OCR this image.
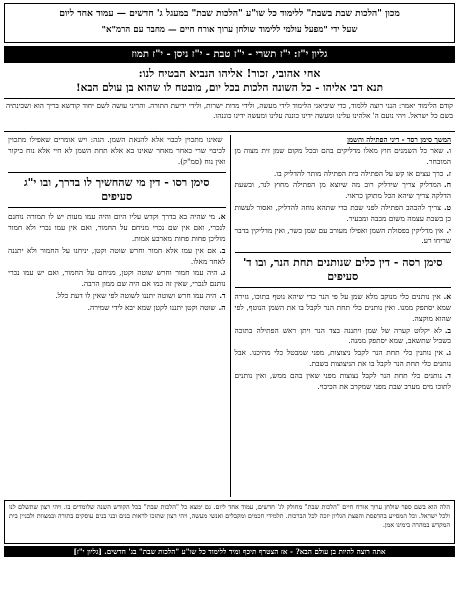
מכון "הלכות שבת בשבת" ללימוד כל שו"ע "הלכות שבת" במעגל ג' חדשים — עמוד אחד ליום
שעל ידי "מפעל עולמי ללימוד שולחן ערוך אורח חיים — מחבר עם הרמ"א"
גליון י"ז: י"ז תשרי - י"ז טבת - י"ז ניסן - י"ז תמוז
אחי אהובי, זכור! אליהו הנביא הבטיח לנו:
תנא דבי אליהו - כל השונה הלכות בכל יום, מובטח לו שהוא בן עולם הבא!
קודם הלימוד יאמר: הנני רוצה ללמוד, כדי שיביאני הלימוד לידי מעשה, ולידי מדות ישרות, ולידי ידיעת התורה. והריני עושה לשם יחוד קודשא בריך הוא ושכינתיה בשם כל ישראל. ויהי נועם ה' אלהינו עלינו ומעשה ידינו כוננה עלינו ומעשה ידינו כוננהו.
המשך סימן רסד - דיני הפתילה והשמן
ו.שאר כל השמנים חוץ מאלו מדליקים בהם ובכל מקום שמן זית מצוה מן המובחר.
ז.כרך עצים או קש על הפתילה בית הפתילה מותר להדליק בו.
ח.המדליק צריך שידליק רוב מה שיוצא מן הפתילה מחוץ לנר, ובשעת הדלקה צריך שיהא הכל מתוקן כראוי.
ט.צריך להבהב הפתילה לפני שבת כדי שתהא נוחה להדליק, ואסור לעשות כן בשבת עצמה משום מכבה ומבעיר.
י.אין מדליקין בפסולת השמן ואפילו מעורב עם שמן כשר, ואין מדליקין בדבר שריחו רע.
סימן רסה - דין כלים שנותנים תחת הנר, ובו ד' סעיפים
א.אין נותנים כלי מנוקב מלא שמן על פי הנר כדי שיהא נוטף בתוכו, גזירה שמא יסתפק ממנו. ואין נותנים כלי תחת הנר לקבל בו את השמן הנוטף, לפי שהוא מוקצה.
ב.לא יקלוט קערה של שמן ויתננה בצד הנר ויתן ראש הפתילה בתוכה בשביל שתשאב, שמא יסתפק ממנה.
ג.אין נותנין כלי תחת הנר לקבל ניצוצות, מפני שמבטל כלי מהיכנו. אבל נותנים כלי תחת הנר לקבל בו את הניצוצות בשבת.
ד.נותנים כלי תחת הנר לקבל נצוצות מפני שאין בהם ממש, ואין נותנים לתוכו מים מערב שבת מפני שמקרב את הכיבוי.
שאינו מתכוין לכבוי אלא להנאת השמן. הגה: ויש אומרים שאפילו מתכוין לכיבוי שרי כאחר מאחר שאינו בא אלא תחת השמן לא חיי אלא נוח ביקור ואין נוח (סמ"ק).
סימן רסו - דין מי שהחשיך לו בדרך, ובו י"ג סעיפים
א.מי שהיה בא בדרך וקדש עליו היום והיה עמו מעות יש לו תמורה נוחנם לנכרי, ואם אין שם נכרי מניחם על החמור, ואם אין עמו נכרי ולא חמור מוליכן פחות פחות מארבע אמות.
ב.אם אין עמו אלא חמור וחרש שוטה וקטן, יניחנו על החמור ולא יתננה לאחד מאלו.
ג.היה עמו חמור וחרש שוטה וקטן, מניחם על החמור, ואם יש עמו נכרי נותנם לנכרי, שאין זה כמו אם היה שם ממון הרבה.
ד.היה עמו חרש ושוטה יתננו לשוטה לפי שאין לו דעת כלל.
ה.שוטה וקטן יתננו לקטן שמא יבא לידי שמירה.
הלה הוא בשם ספר שולחן ערוך אורח חיים "הלכות שבת" מחולק לג' חדשים, עמוד אחד ליום. גם ימצא כל "הלכות שבת" בכל הקודש השנה שלומדים בו. ויהי רצון שתשלם לנו ולכל ישראל. וכל המסייע בהדפסת והפצת הגליון יזכה לכל הברכות. תלמידי חכמים ומקבלים ואנשי מעשה, ויהי רצון שתזכו לראות בנים ובני בנים עוסקים בתורה ובמצוות ולבניין בית המקדש במהרה בימינו אמן.
אתה רוצה להיות בן עולם הבא? - אז הצטרף תיכף ומיד ללימוד כל שו"ע "הלכות שבת" בג' חדשים. [גליון י"ז]
